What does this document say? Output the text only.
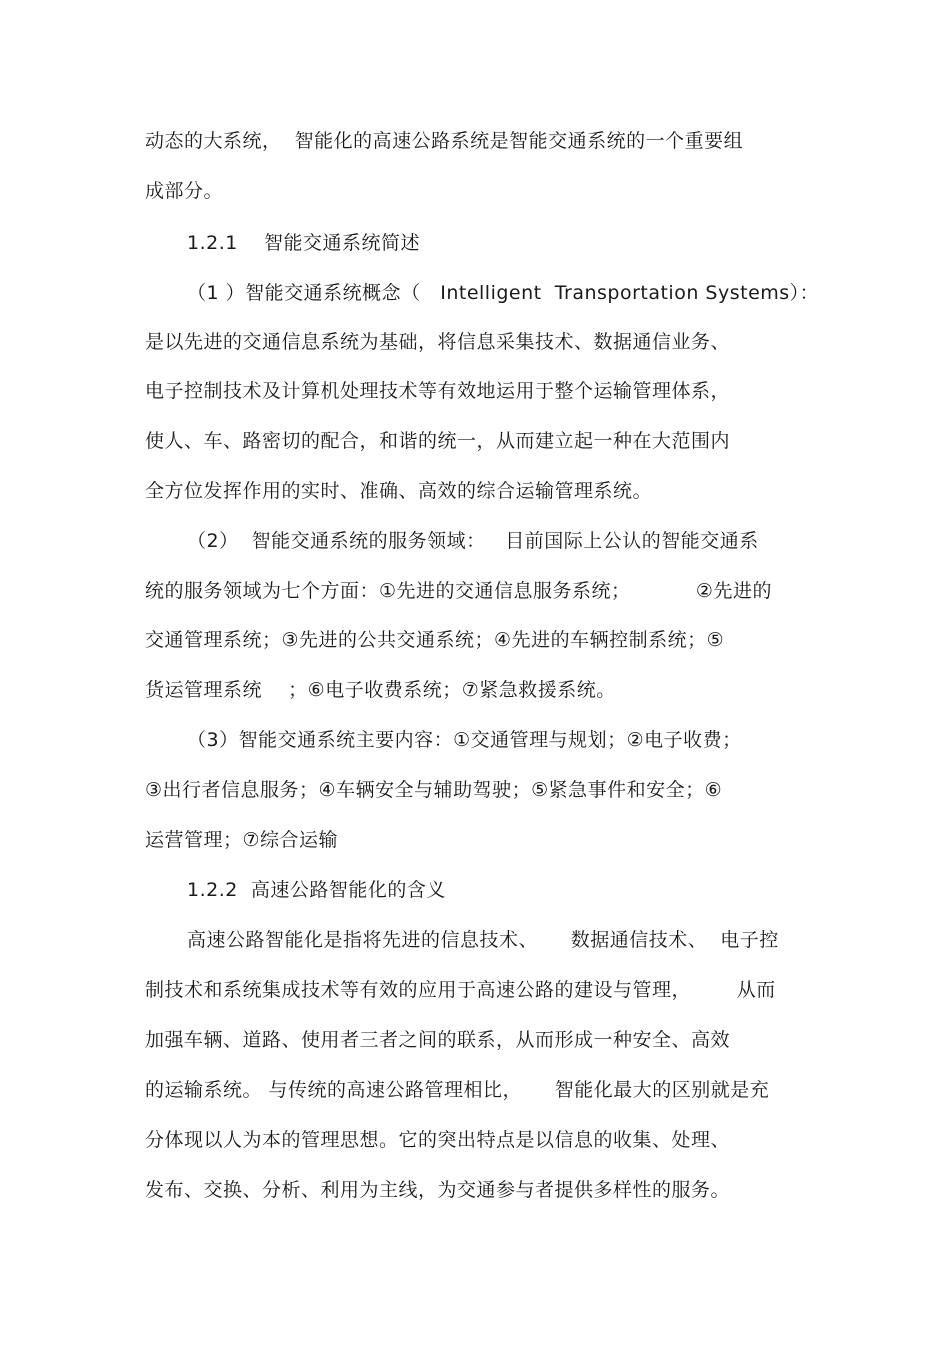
动态的大系统，  智能化的高速公路系统是智能交通系统的一个重要组
成部分。
1.2.1    智能交通系统简述
（1 ）智能交通系统概念（   Intelligent  Transportation Systems）：
是以先进的交通信息系统为基础，将信息采集技术、数据通信业务、
电子控制技术及计算机处理技术等有效地运用于整个运输管理体系，
使人、车、路密切的配合，和谐的统一，从而建立起一种在大范围内
全方位发挥作用的实时、准确、高效的综合运输管理系统。
（2）  智能交通系统的服务领域：   目前国际上公认的智能交通系
统的服务领域为七个方面：①先进的交通信息服务系统；          ②先进的
交通管理系统；③先进的公共交通系统；④先进的车辆控制系统；⑤
货运管理系统    ；⑥电子收费系统；⑦紧急救援系统。
（3）智能交通系统主要内容：①交通管理与规划；②电子收费；
③出行者信息服务；④车辆安全与辅助驾驶；⑤紧急事件和安全；⑥
运营管理；⑦综合运输
1.2.2  高速公路智能化的含义
高速公路智能化是指将先进的信息技术、     数据通信技术、  电子控
制技术和系统集成技术等有效的应用于高速公路的建设与管理，       从而
加强车辆、道路、使用者三者之间的联系，从而形成一种安全、高效
的运输系统。 与传统的高速公路管理相比，     智能化最大的区别就是充
分体现以人为本的管理思想。它的突出特点是以信息的收集、处理、
发布、交换、分析、利用为主线，为交通参与者提供多样性的服务。
